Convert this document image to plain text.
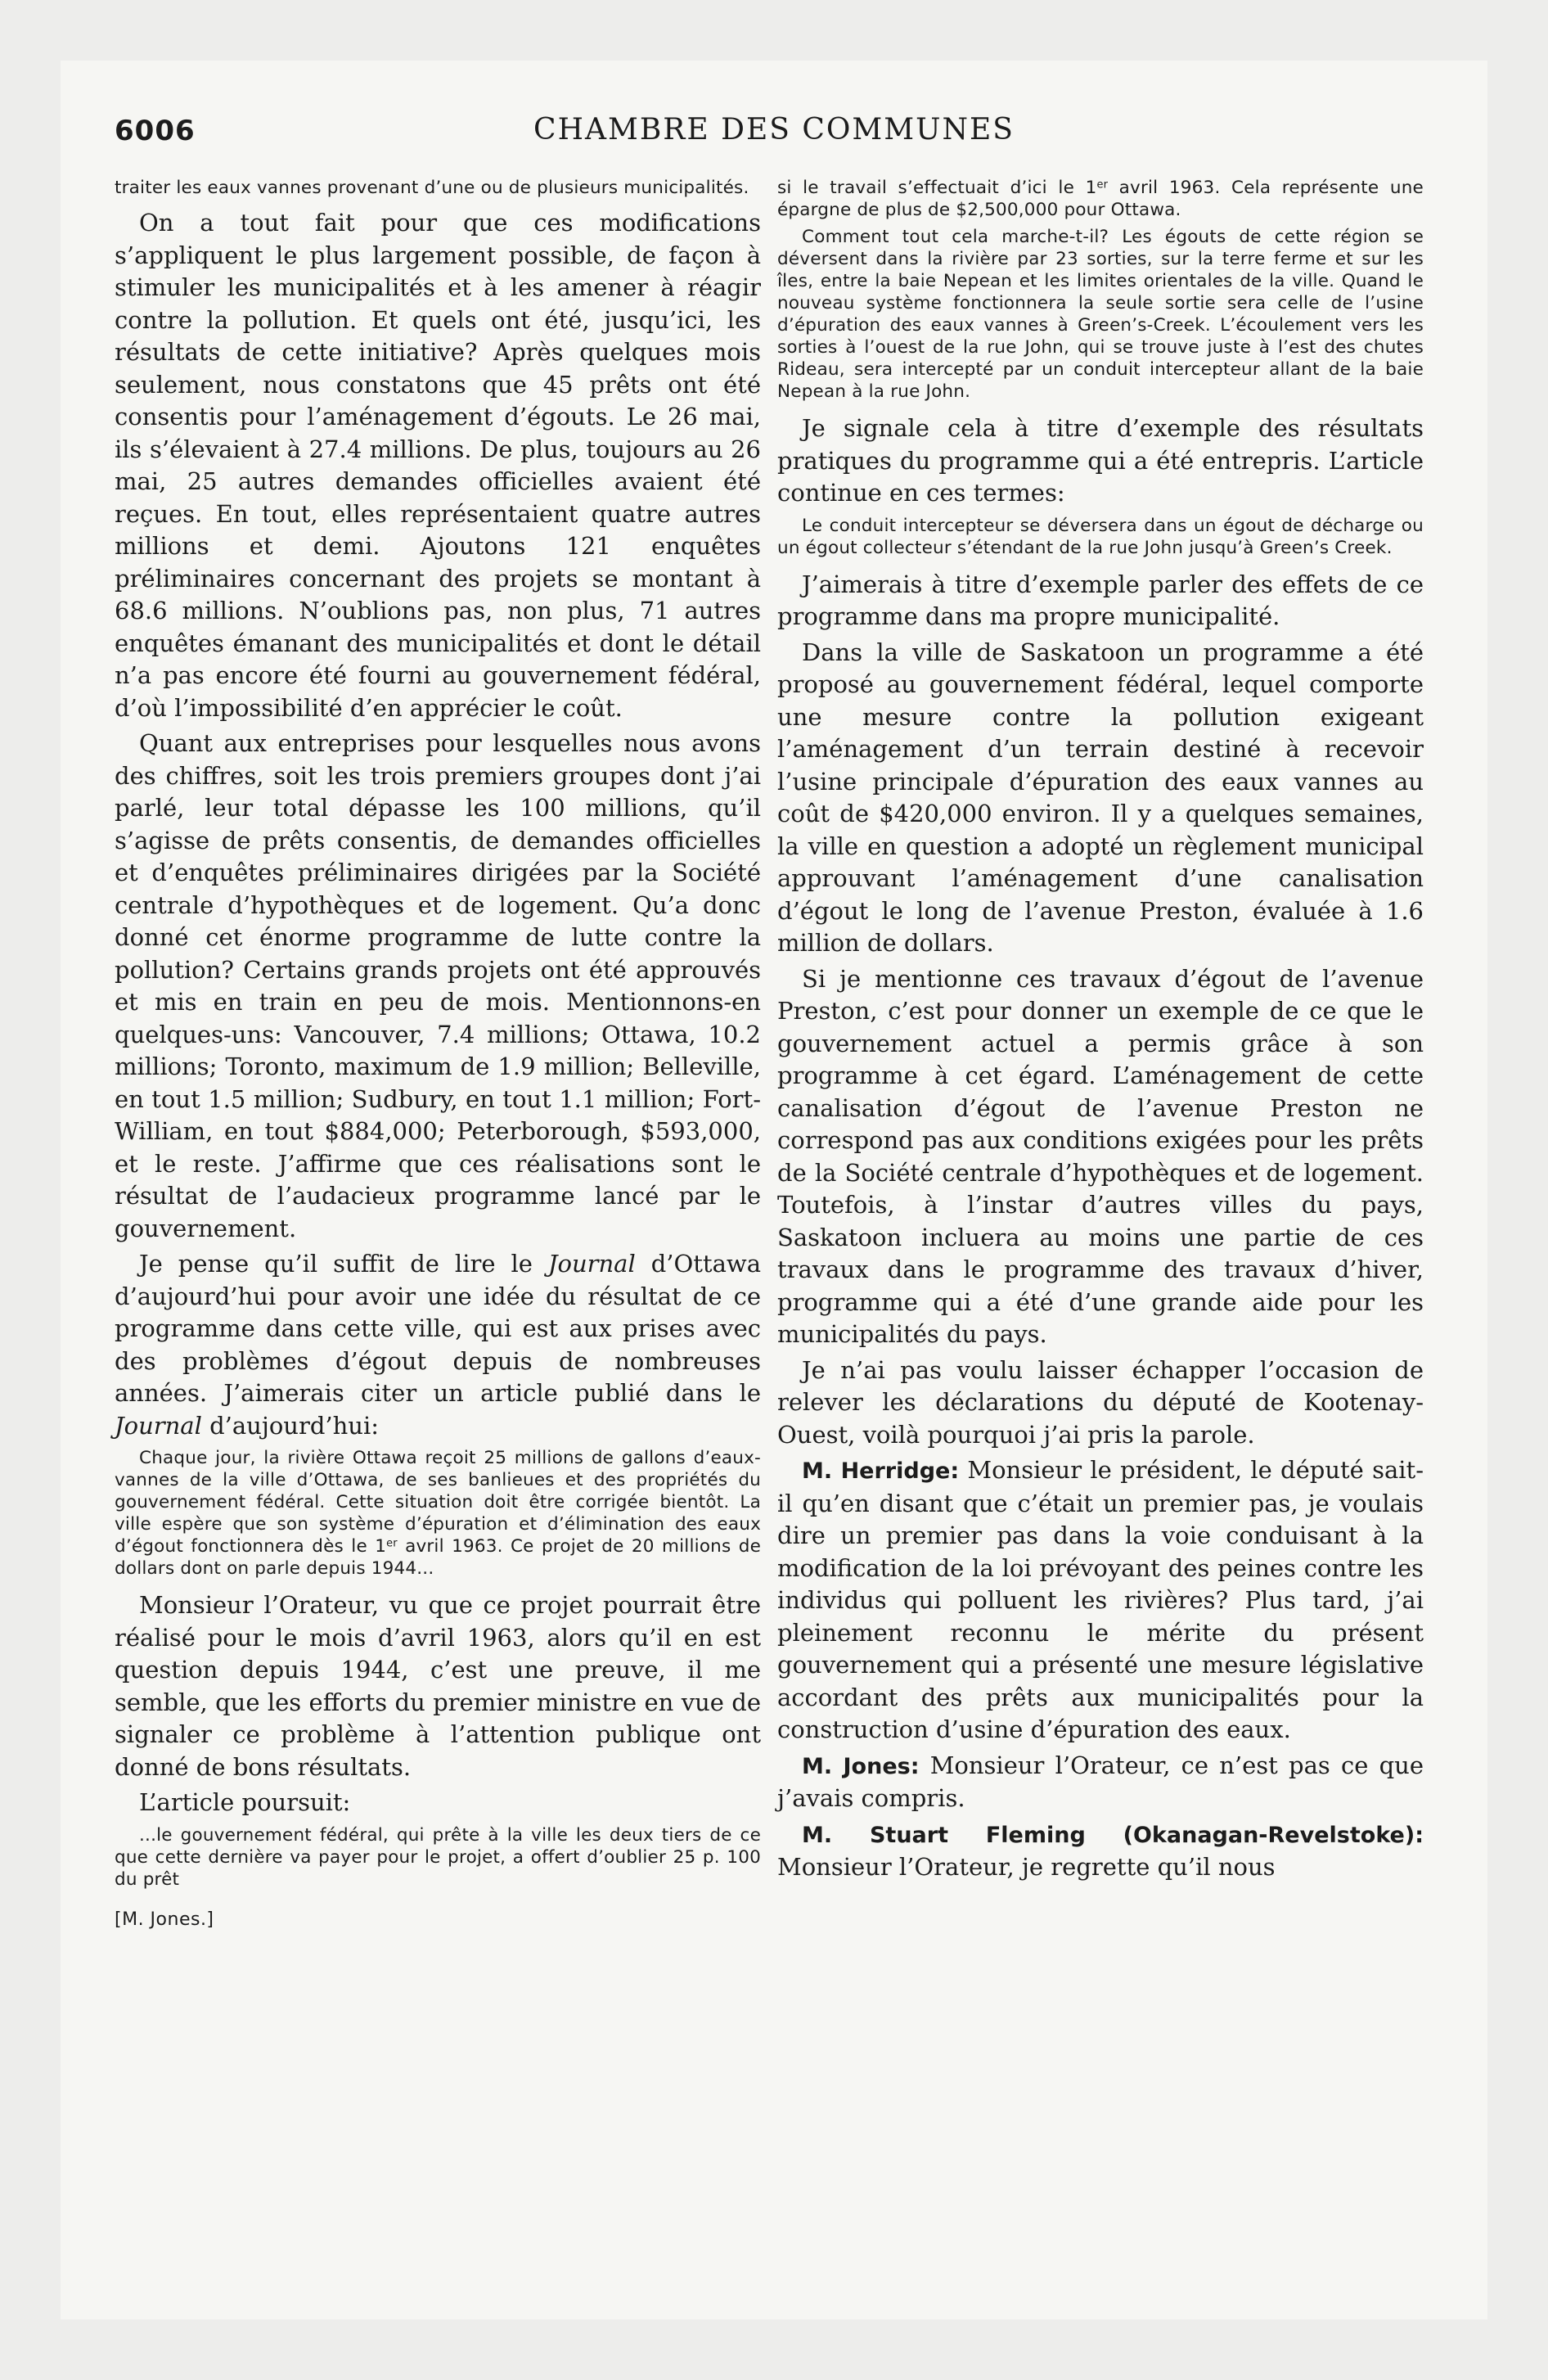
6006	CHAMBRE DES COMMUNES

traiter les eaux vannes provenant d’une ou de plusieurs municipalités.

On a tout fait pour que ces modifications s’appliquent le plus largement possible, de façon à stimuler les municipalités et à les amener à réagir contre la pollution. Et quels ont été, jusqu’ici, les résultats de cette initiative? Après quelques mois seulement, nous constatons que 45 prêts ont été consentis pour l’aménagement d’égouts. Le 26 mai, ils s’élevaient à 27.4 millions. De plus, toujours au 26 mai, 25 autres demandes officielles avaient été reçues. En tout, elles représentaient quatre autres millions et demi. Ajoutons 121 enquêtes préliminaires concernant des projets se montant à 68.6 millions. N’oublions pas, non plus, 71 autres enquêtes émanant des municipalités et dont le détail n’a pas encore été fourni au gouvernement fédéral, d’où l’impossibilité d’en apprécier le coût.

Quant aux entreprises pour lesquelles nous avons des chiffres, soit les trois premiers groupes dont j’ai parlé, leur total dépasse les 100 millions, qu’il s’agisse de prêts consentis, de demandes officielles et d’enquêtes préliminaires dirigées par la Société centrale d’hypothèques et de logement. Qu’a donc donné cet énorme programme de lutte contre la pollution? Certains grands projets ont été approuvés et mis en train en peu de mois. Mentionnons-en quelques-uns: Vancouver, 7.4 millions; Ottawa, 10.2 millions; Toronto, maximum de 1.9 million; Belleville, en tout 1.5 million; Sudbury, en tout 1.1 million; Fort-William, en tout $884,000; Peterborough, $593,000, et le reste. J’affirme que ces réalisations sont le résultat de l’audacieux programme lancé par le gouvernement.

Je pense qu’il suffit de lire le Journal d’Ottawa d’aujourd’hui pour avoir une idée du résultat de ce programme dans cette ville, qui est aux prises avec des problèmes d’égout depuis de nombreuses années. J’aimerais citer un article publié dans le Journal d’aujourd’hui:

Chaque jour, la rivière Ottawa reçoit 25 millions de gallons d’eaux-vannes de la ville d’Ottawa, de ses banlieues et des propriétés du gouvernement fédéral. Cette situation doit être corrigée bientôt. La ville espère que son système d’épuration et d’élimination des eaux d’égout fonctionnera dès le 1er avril 1963. Ce projet de 20 millions de dollars dont on parle depuis 1944...

Monsieur l’Orateur, vu que ce projet pourrait être réalisé pour le mois d’avril 1963, alors qu’il en est question depuis 1944, c’est une preuve, il me semble, que les efforts du premier ministre en vue de signaler ce problème à l’attention publique ont donné de bons résultats.

L’article poursuit:

...le gouvernement fédéral, qui prête à la ville les deux tiers de ce que cette dernière va payer pour le projet, a offert d’oublier 25 p. 100 du prêt

[M. Jones.]

si le travail s’effectuait d’ici le 1er avril 1963. Cela représente une épargne de plus de $2,500,000 pour Ottawa.

Comment tout cela marche-t-il? Les égouts de cette région se déversent dans la rivière par 23 sorties, sur la terre ferme et sur les îles, entre la baie Nepean et les limites orientales de la ville. Quand le nouveau système fonctionnera la seule sortie sera celle de l’usine d’épuration des eaux vannes à Green’s-Creek. L’écoulement vers les sorties à l’ouest de la rue John, qui se trouve juste à l’est des chutes Rideau, sera intercepté par un conduit intercepteur allant de la baie Nepean à la rue John.

Je signale cela à titre d’exemple des résultats pratiques du programme qui a été entrepris. L’article continue en ces termes:

Le conduit intercepteur se déversera dans un égout de décharge ou un égout collecteur s’étendant de la rue John jusqu’à Green’s Creek.

J’aimerais à titre d’exemple parler des effets de ce programme dans ma propre municipalité.

Dans la ville de Saskatoon un programme a été proposé au gouvernement fédéral, lequel comporte une mesure contre la pollution exigeant l’aménagement d’un terrain destiné à recevoir l’usine principale d’épuration des eaux vannes au coût de $420,000 environ. Il y a quelques semaines, la ville en question a adopté un règlement municipal approuvant l’aménagement d’une canalisation d’égout le long de l’avenue Preston, évaluée à 1.6 million de dollars.

Si je mentionne ces travaux d’égout de l’avenue Preston, c’est pour donner un exemple de ce que le gouvernement actuel a permis grâce à son programme à cet égard. L’aménagement de cette canalisation d’égout de l’avenue Preston ne correspond pas aux conditions exigées pour les prêts de la Société centrale d’hypothèques et de logement. Toutefois, à l’instar d’autres villes du pays, Saskatoon incluera au moins une partie de ces travaux dans le programme des travaux d’hiver, programme qui a été d’une grande aide pour les municipalités du pays.

Je n’ai pas voulu laisser échapper l’occasion de relever les déclarations du député de Kootenay-Ouest, voilà pourquoi j’ai pris la parole.

M. Herridge: Monsieur le président, le député sait-il qu’en disant que c’était un premier pas, je voulais dire un premier pas dans la voie conduisant à la modification de la loi prévoyant des peines contre les individus qui polluent les rivières? Plus tard, j’ai pleinement reconnu le mérite du présent gouvernement qui a présenté une mesure législative accordant des prêts aux municipalités pour la construction d’usine d’épuration des eaux.

M. Jones: Monsieur l’Orateur, ce n’est pas ce que j’avais compris.

M. Stuart Fleming (Okanagan-Revelstoke): Monsieur l’Orateur, je regrette qu’il nous
